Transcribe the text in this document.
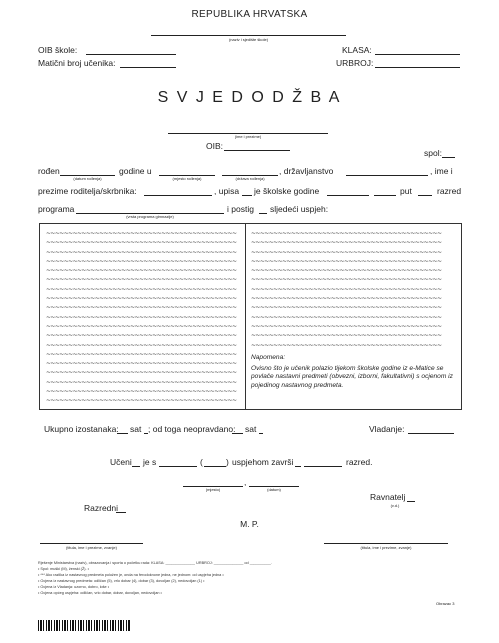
REPUBLIKA HRVATSKA
(naziv i sjedište škole)
OIB škole:
Matični broj učenika:
KLASA:
URBROJ:
S V J E D O D Ž B A
(ime i prezime)
OIB:
spol:
rođen
(datum rođenja)
godine u
(mjesto rođenja)	(država rođenja)
, državljanstvo	, ime i
prezime roditelja/skrbnika:	, upisa je školske godine	put	razred
programa
(vrsta programa gimnazije)
i postig sljedeći uspjeh:
~~~~~~~~~~~~~~~~~~~~~~~~~~~~~~~~~~~~~~~~~~~
~~~~~~~~~~~~~~~~~~~~~~~~~~~~~~~~~~~~~~~~~~~
~~~~~~~~~~~~~~~~~~~~~~~~~~~~~~~~~~~~~~~~~~~
~~~~~~~~~~~~~~~~~~~~~~~~~~~~~~~~~~~~~~~~~~~
~~~~~~~~~~~~~~~~~~~~~~~~~~~~~~~~~~~~~~~~~~~
~~~~~~~~~~~~~~~~~~~~~~~~~~~~~~~~~~~~~~~~~~~
~~~~~~~~~~~~~~~~~~~~~~~~~~~~~~~~~~~~~~~~~~~
~~~~~~~~~~~~~~~~~~~~~~~~~~~~~~~~~~~~~~~~~~~
~~~~~~~~~~~~~~~~~~~~~~~~~~~~~~~~~~~~~~~~~~~
~~~~~~~~~~~~~~~~~~~~~~~~~~~~~~~~~~~~~~~~~~~
~~~~~~~~~~~~~~~~~~~~~~~~~~~~~~~~~~~~~~~~~~~
~~~~~~~~~~~~~~~~~~~~~~~~~~~~~~~~~~~~~~~~~~~
~~~~~~~~~~~~~~~~~~~~~~~~~~~~~~~~~~~~~~~~~~~
~~~~~~~~~~~~~~~~~~~~~~~~~~~~~~~~~~~~~~~~~~~
~~~~~~~~~~~~~~~~~~~~~~~~~~~~~~~~~~~~~~~~~~~
~~~~~~~~~~~~~~~~~~~~~~~~~~~~~~~~~~~~~~~~~~~
~~~~~~~~~~~~~~~~~~~~~~~~~~~~~~~~~~~~~~~~~~~
~~~~~~~~~~~~~~~~~~~~~~~~~~~~~~~~~~~~~~~~~~~
~~~~~~~~~~~~~~~~~~~~~~~~~~~~~~~~~~~~~~~~~~~
~~~~~~~~~~~~~~~~~~~~~~~~~~~~~~~~~~~~~~~~~~~
~~~~~~~~~~~~~~~~~~~~~~~~~~~~~~~~~~~~~~~~~~~
~~~~~~~~~~~~~~~~~~~~~~~~~~~~~~~~~~~~~~~~~~~
~~~~~~~~~~~~~~~~~~~~~~~~~~~~~~~~~~~~~~~~~~~
~~~~~~~~~~~~~~~~~~~~~~~~~~~~~~~~~~~~~~~~~~~
~~~~~~~~~~~~~~~~~~~~~~~~~~~~~~~~~~~~~~~~~~~
~~~~~~~~~~~~~~~~~~~~~~~~~~~~~~~~~~~~~~~~~~~
~~~~~~~~~~~~~~~~~~~~~~~~~~~~~~~~~~~~~~~~~~~
~~~~~~~~~~~~~~~~~~~~~~~~~~~~~~~~~~~~~~~~~~~
~~~~~~~~~~~~~~~~~~~~~~~~~~~~~~~~~~~~~~~~~~~
~~~~~~~~~~~~~~~~~~~~~~~~~~~~~~~~~~~~~~~~~~~
~~~~~~~~~~~~~~~~~~~~~~~~~~~~~~~~~~~~~~~~~~~
~~~~~~~~~~~~~~~~~~~~~~~~~~~~~~~~~~~~~~~~~~~
Napomena:
Ovisno što je učenik polazio tijekom školske godine iz e-Matice se povlače nastavni predmeti (obvezni, izborni, fakultativni) s ocjenom iz pojedinog nastavnog predmeta.
Ukupno izostanaka: sat ; od toga neopravdano: sat	Vladanje:
Učeni je s	(	) uspjehom završi	razred.
,
(mjesto)	(datum)
Razredni
Ravnatelj
(v.d.)
M. P.
(titula, ime i prezime, zvanje)	(titula, ime i prezime, zvanje)
Rješenje Ministarstva (naziv), obrazovanja i sporta o početku rada: KLASA: ______________ URBROJ: ______________ od __________.
• Spol: muški (M), ženski (Ž). •
• *** Ako razlika iz nastavnog predmeta položen je, onda na ferodoknone jedna, ne jednom: od uspjeha jedna •
• Ocjena iz nastavnog predmeta: odličan (5), vrlo dobar (4), dobar (3), dovoljan (2), nedovoljan (1) •
• Ocjena iz Vladanja: uzorno, dobro, loše •
• Ocjena općeg uspjeha: odličan, vrlo dobar, dobar, dovoljan, nedovoljan •
Obrazac 3
